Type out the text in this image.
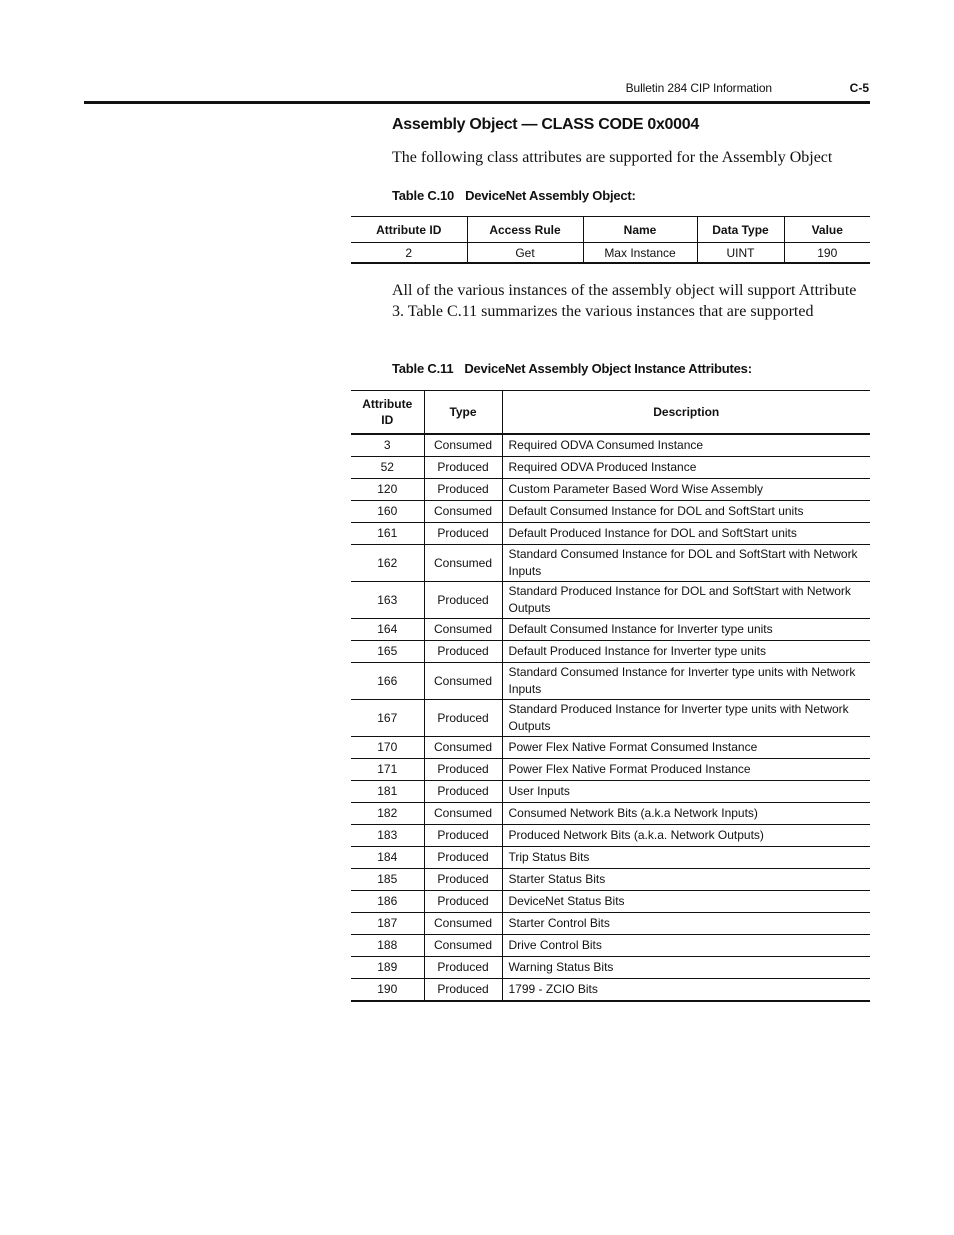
Bulletin 284 CIP Information	C-5
Assembly Object — CLASS CODE 0x0004
The following class attributes are supported for the Assembly Object
Table C.10 DeviceNet Assembly Object:
Attribute ID	Access Rule	Name	Data Type	Value
2	Get	Max Instance	UINT	190
All of the various instances of the assembly object will support Attribute 3. Table C.11 summarizes the various instances that are supported
Table C.11 DeviceNet Assembly Object Instance Attributes:
Attribute ID	Type	Description
3	Consumed	Required ODVA Consumed Instance
52	Produced	Required ODVA Produced Instance
120	Produced	Custom Parameter Based Word Wise Assembly
160	Consumed	Default Consumed Instance for DOL and SoftStart units
161	Produced	Default Produced Instance for DOL and SoftStart units
162	Consumed	Standard Consumed Instance for DOL and SoftStart with Network Inputs
163	Produced	Standard Produced Instance for DOL and SoftStart with Network Outputs
164	Consumed	Default Consumed Instance for Inverter type units
165	Produced	Default Produced Instance for Inverter type units
166	Consumed	Standard Consumed Instance for Inverter type units with Network Inputs
167	Produced	Standard Produced Instance for Inverter type units with Network Outputs
170	Consumed	Power Flex Native Format Consumed Instance
171	Produced	Power Flex Native Format Produced Instance
181	Produced	User Inputs
182	Consumed	Consumed Network Bits (a.k.a Network Inputs)
183	Produced	Produced Network Bits (a.k.a. Network Outputs)
184	Produced	Trip Status Bits
185	Produced	Starter Status Bits
186	Produced	DeviceNet Status Bits
187	Consumed	Starter Control Bits
188	Consumed	Drive Control Bits
189	Produced	Warning Status Bits
190	Produced	1799 - ZCIO Bits
